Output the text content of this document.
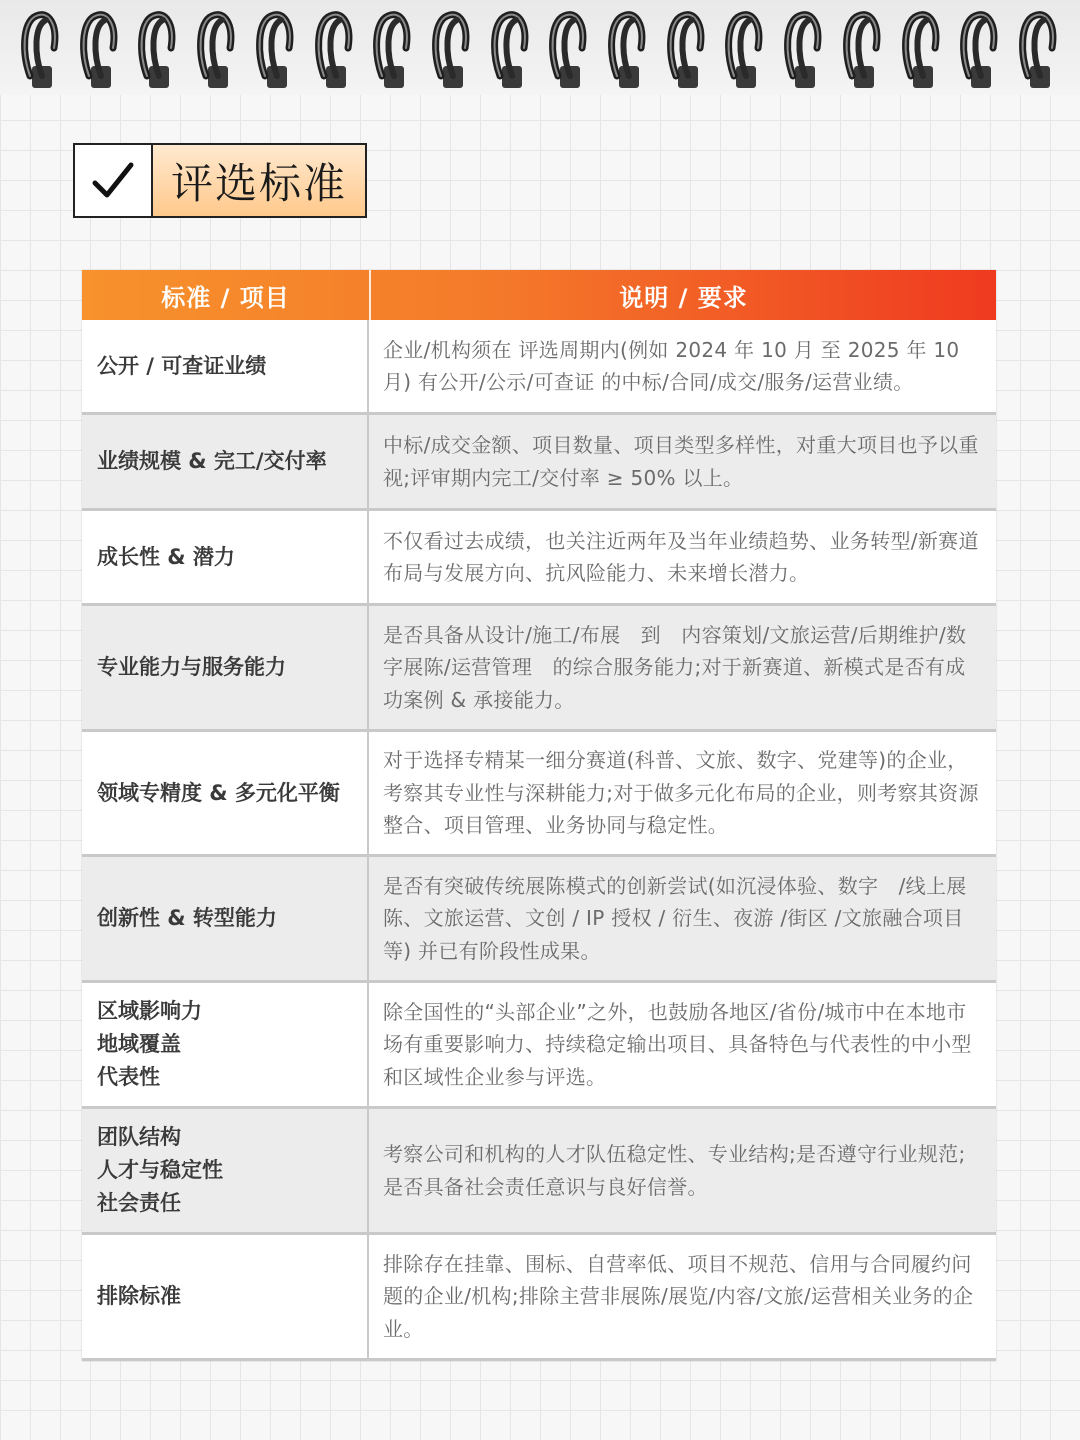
评选标准
标准 / 项目	说明 / 要求
公开 / 可查证业绩
企业/机构须在 评选周期内(例如 2024 年 10 月 至 2025 年 10 月) 有公开/公示/可查证 的中标/合同/成交/服务/运营业绩。
业绩规模 & 完工/交付率
中标/成交金额、项目数量、项目类型多样性，对重大项目也予以重视;评审期内完工/交付率 ≥ 50% 以上。
成长性 & 潜力
不仅看过去成绩，也关注近两年及当年业绩趋势、业务转型/新赛道布局与发展方向、抗风险能力、未来增长潜力。
专业能力与服务能力
是否具备从设计/施工/布展　到　内容策划/文旅运营/后期维护/数字展陈/运营管理　的综合服务能力;对于新赛道、新模式是否有成功案例 & 承接能力。
领域专精度 & 多元化平衡
对于选择专精某一细分赛道(科普、文旅、数字、党建等)的企业，考察其专业性与深耕能力;对于做多元化布局的企业，则考察其资源整合、项目管理、业务协同与稳定性。
创新性 & 转型能力
是否有突破传统展陈模式的创新尝试(如沉浸体验、数字　/线上展陈、文旅运营、文创 / IP 授权 / 衍生、夜游 /街区 /文旅融合项目等) 并已有阶段性成果。
区域影响力
地域覆盖
代表性
除全国性的“头部企业”之外，也鼓励各地区/省份/城市中在本地市场有重要影响力、持续稳定输出项目、具备特色与代表性的中小型和区域性企业参与评选。
团队结构
人才与稳定性
社会责任
考察公司和机构的人才队伍稳定性、专业结构;是否遵守行业规范;是否具备社会责任意识与良好信誉。
排除标准
排除存在挂靠、围标、自营率低、项目不规范、信用与合同履约问题的企业/机构;排除主营非展陈/展览/内容/文旅/运营相关业务的企业。
